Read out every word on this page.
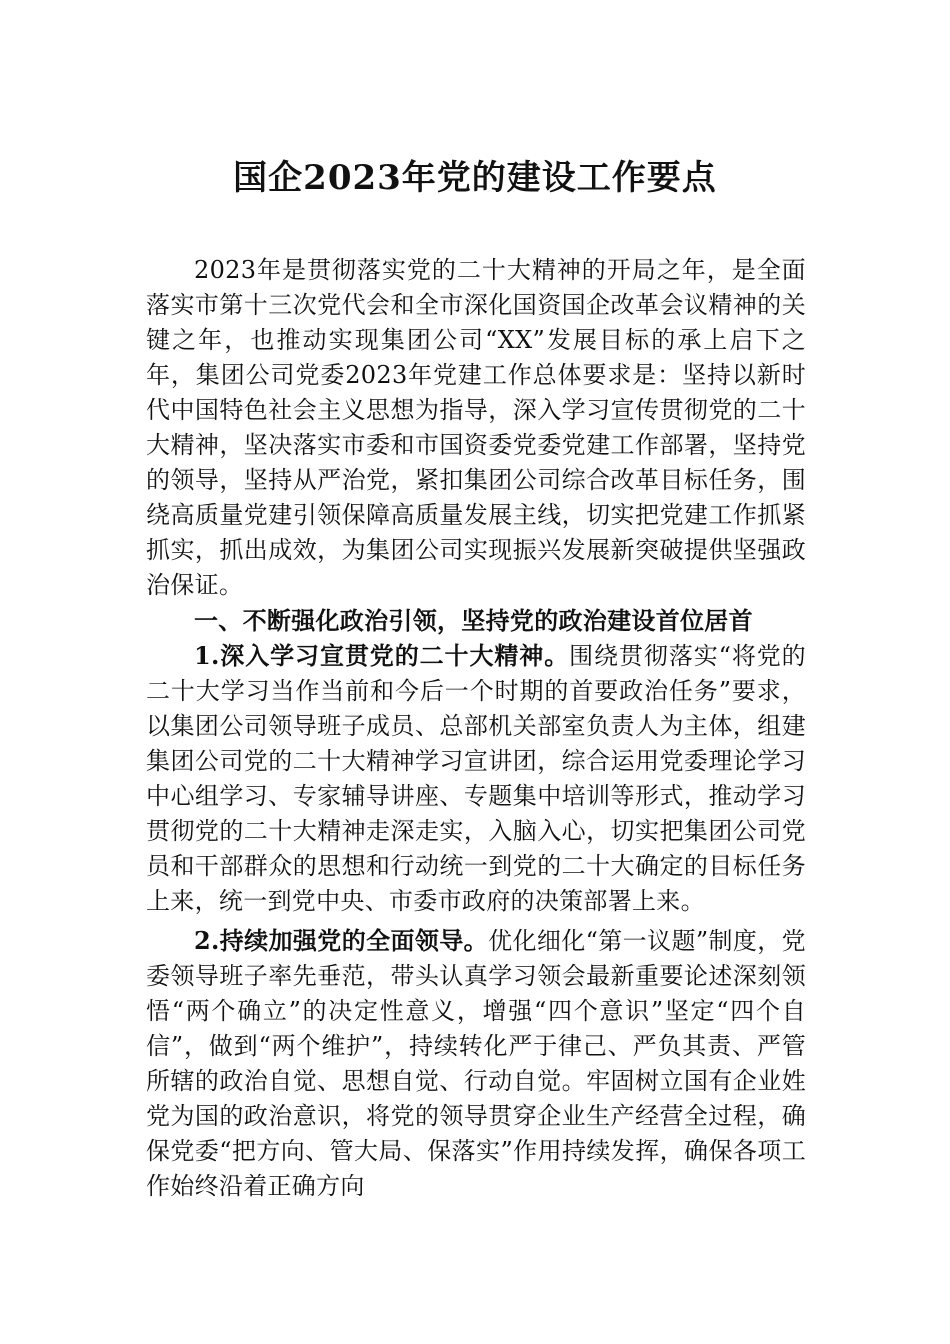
国企2023年党的建设工作要点

2023年是贯彻落实党的二十大精神的开局之年，是全面落实市第十三次党代会和全市深化国资国企改革会议精神的关键之年，也推动实现集团公司“XX”发展目标的承上启下之年，集团公司党委2023年党建工作总体要求是：坚持以新时代中国特色社会主义思想为指导，深入学习宣传贯彻党的二十大精神，坚决落实市委和市国资委党委党建工作部署，坚持党的领导，坚持从严治党，紧扣集团公司综合改革目标任务，围绕高质量党建引领保障高质量发展主线，切实把党建工作抓紧抓实，抓出成效，为集团公司实现振兴发展新突破提供坚强政治保证。

一、不断强化政治引领，坚持党的政治建设首位居首

1.深入学习宣贯党的二十大精神。围绕贯彻落实“将党的二十大学习当作当前和今后一个时期的首要政治任务”要求，以集团公司领导班子成员、总部机关部室负责人为主体，组建集团公司党的二十大精神学习宣讲团，综合运用党委理论学习中心组学习、专家辅导讲座、专题集中培训等形式，推动学习贯彻党的二十大精神走深走实，入脑入心，切实把集团公司党员和干部群众的思想和行动统一到党的二十大确定的目标任务上来，统一到党中央、市委市政府的决策部署上来。

2.持续加强党的全面领导。优化细化“第一议题”制度，党委领导班子率先垂范，带头认真学习领会最新重要论述深刻领悟“两个确立”的决定性意义，增强“四个意识”坚定“四个自信”，做到“两个维护”，持续转化严于律己、严负其责、严管所辖的政治自觉、思想自觉、行动自觉。牢固树立国有企业姓党为国的政治意识，将党的领导贯穿企业生产经营全过程，确保党委“把方向、管大局、保落实”作用持续发挥，确保各项工作始终沿着正确方向
